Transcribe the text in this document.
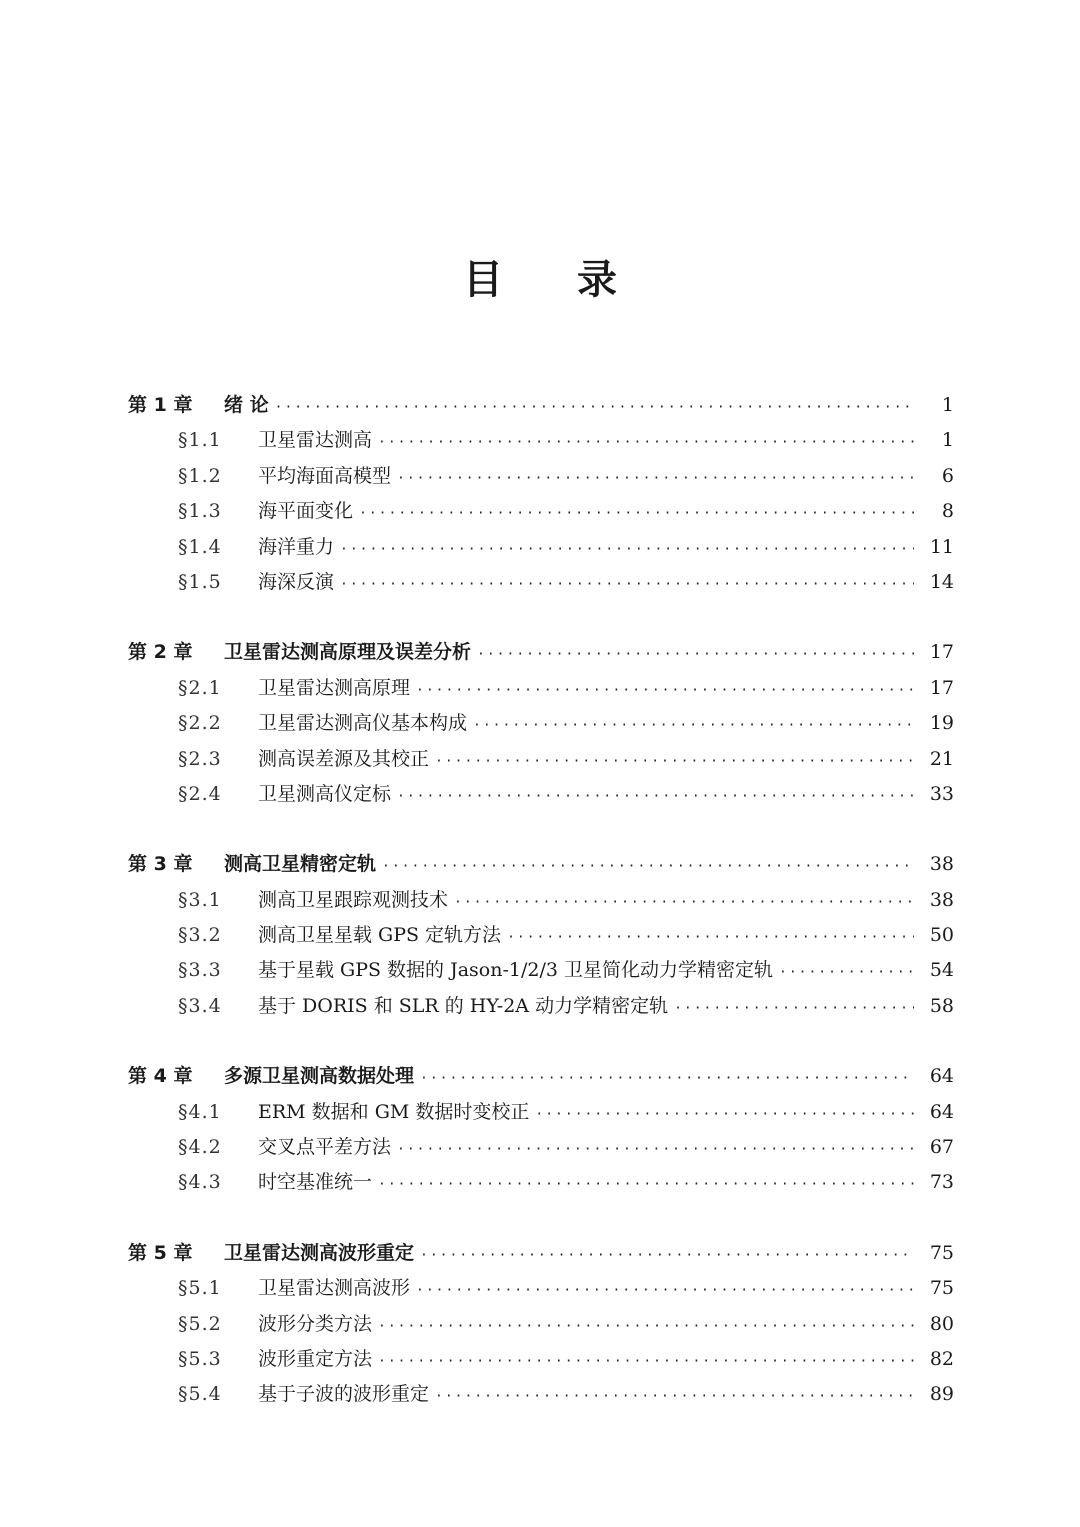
目 录
第 1 章	绪 论 ·····	1
§1.1	卫星雷达测高 ·····	1
§1.2	平均海面高模型 ·····	6
§1.3	海平面变化 ·····	8
§1.4	海洋重力 ·····	11
§1.5	海深反演 ·····	14
第 2 章	卫星雷达测高原理及误差分析 ·····	17
§2.1	卫星雷达测高原理 ·····	17
§2.2	卫星雷达测高仪基本构成 ·····	19
§2.3	测高误差源及其校正 ·····	21
§2.4	卫星测高仪定标 ·····	33
第 3 章	测高卫星精密定轨 ·····	38
§3.1	测高卫星跟踪观测技术 ·····	38
§3.2	测高卫星星载 GPS 定轨方法 ·····	50
§3.3	基于星载 GPS 数据的 Jason-1/2/3 卫星简化动力学精密定轨 ·····	54
§3.4	基于 DORIS 和 SLR 的 HY-2A 动力学精密定轨 ·····	58
第 4 章	多源卫星测高数据处理 ·····	64
§4.1	ERM 数据和 GM 数据时变校正 ·····	64
§4.2	交叉点平差方法 ·····	67
§4.3	时空基准统一 ·····	73
第 5 章	卫星雷达测高波形重定 ·····	75
§5.1	卫星雷达测高波形 ·····	75
§5.2	波形分类方法 ·····	80
§5.3	波形重定方法 ·····	82
§5.4	基于子波的波形重定 ·····	89
